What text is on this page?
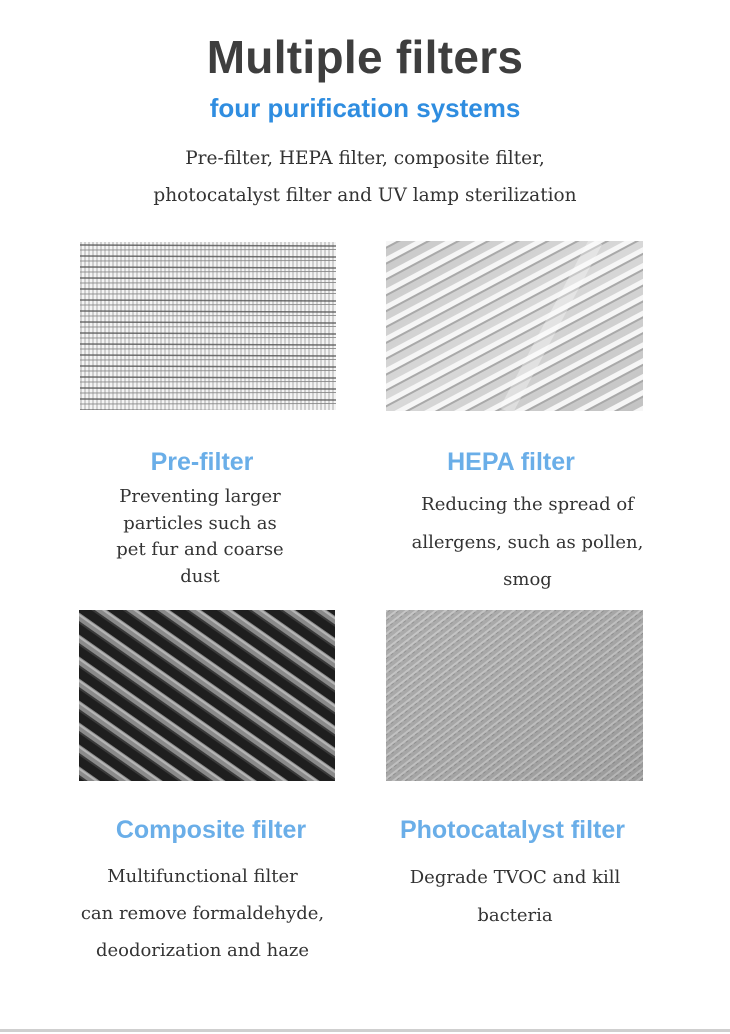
Multiple filters
four purification systems
Pre-filter, HEPA filter, composite filter,
photocatalyst filter and UV lamp sterilization
Pre-filter	HEPA filter
Preventing larger
particles such as
pet fur and coarse
dust
Reducing the spread of
allergens, such as pollen,
smog
Composite filter	Photocatalyst filter
Multifunctional filter
can remove formaldehyde,
deodorization and haze
Degrade TVOC and kill
bacteria
